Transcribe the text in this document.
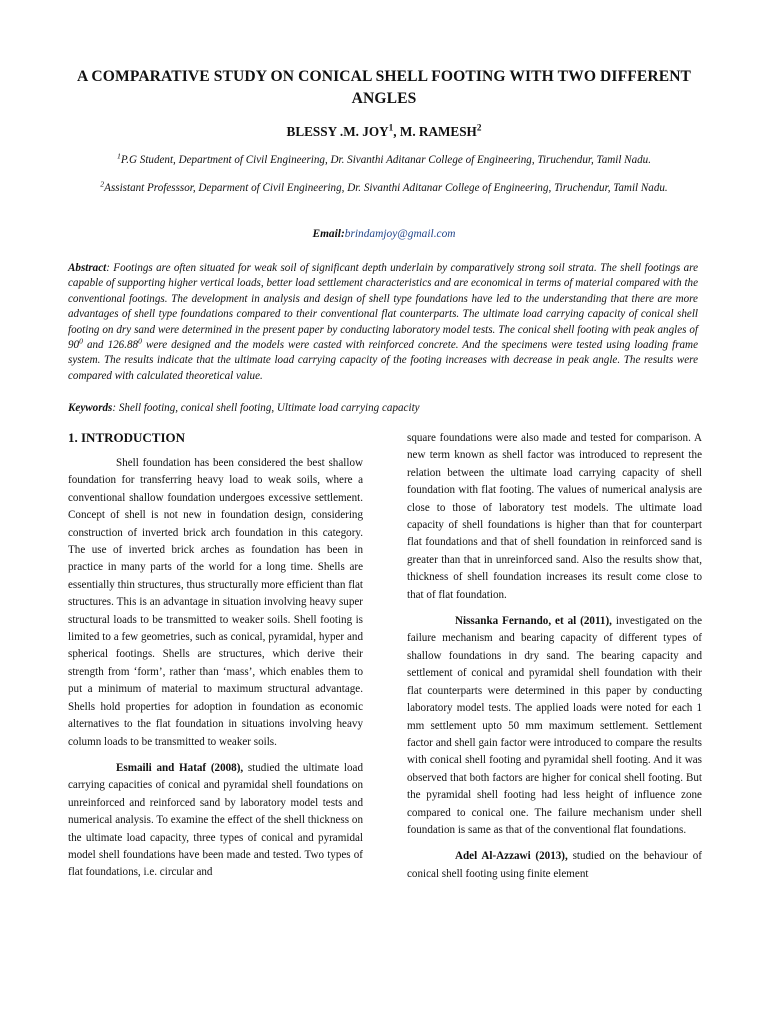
A COMPARATIVE STUDY ON CONICAL SHELL FOOTING WITH TWO DIFFERENT ANGLES
BLESSY .M. JOY$^1$, M. RAMESH$^2$
$^1$P.G Student, Department of Civil Engineering, Dr. Sivanthi Aditanar College of Engineering, Tiruchendur, Tamil Nadu.
$^2$Assistant Professsor, Deparment of Civil Engineering, Dr. Sivanthi Aditanar College of Engineering, Tiruchendur, Tamil Nadu.
Email:brindamjoy@gmail.com
Abstract: Footings are often situated for weak soil of significant depth underlain by comparatively strong soil strata. The shell footings are capable of supporting higher vertical loads, better load settlement characteristics and are economical in terms of material compared with the conventional footings. The development in analysis and design of shell type foundations have led to the understanding that there are more advantages of shell type foundations compared to their conventional flat counterparts. The ultimate load carrying capacity of conical shell footing on dry sand were determined in the present paper by conducting laboratory model tests. The conical shell footing with peak angles of $90^0$ and 126.88$^0$ were designed and the models were casted with reinforced concrete. And the specimens were tested using loading frame system. The results indicate that the ultimate load carrying capacity of the footing increases with decrease in peak angle. The results were compared with calculated theoretical value.
Keywords: Shell footing, conical shell footing, Ultimate load carrying capacity
1. INTRODUCTION

Shell foundation has been considered the best shallow foundation for transferring heavy load to weak soils, where a conventional shallow foundation undergoes excessive settlement. Concept of shell is not new in foundation design, considering construction of inverted brick arch foundation in this category. The use of inverted brick arches as foundation has been in practice in many parts of the world for a long time. Shells are essentially thin structures, thus structurally more efficient than flat structures. This is an advantage in situation involving heavy super structural loads to be transmitted to weaker soils. Shell footing is limited to a few geometries, such as conical, pyramidal, hyper and spherical footings. Shells are structures, which derive their strength from ‘form’, rather than ‘mass’, which enables them to put a minimum of material to maximum structural advantage. Shells hold properties for adoption in foundation as economic alternatives to the flat foundation in situations involving heavy column loads to be transmitted to weaker soils.

Esmaili and Hataf (2008), studied the ultimate load carrying capacities of conical and pyramidal shell foundations on unreinforced and reinforced sand by laboratory model tests and numerical analysis. To examine the effect of the shell thickness on the ultimate load capacity, three types of conical and pyramidal model shell foundations have been made and tested. Two types of flat foundations, i.e. circular and

square foundations were also made and tested for comparison. A new term known as shell factor was introduced to represent the relation between the ultimate load carrying capacity of shell foundation with flat footing. The values of numerical analysis are close to those of laboratory test models. The ultimate load capacity of shell foundations is higher than that for counterpart flat foundations and that of shell foundation in reinforced sand is greater than that in unreinforced sand. Also the results show that, thickness of shell foundation increases its result come close to that of flat foundation.

Nissanka Fernando, et al (2011), investigated on the failure mechanism and bearing capacity of different types of shallow foundations in dry sand. The bearing capacity and settlement of conical and pyramidal shell foundation with their flat counterparts were determined in this paper by conducting laboratory model tests. The applied loads were noted for each 1 mm settlement upto 50 mm maximum settlement. Settlement factor and shell gain factor were introduced to compare the results with conical shell footing and pyramidal shell footing. And it was observed that both factors are higher for conical shell footing. But the pyramidal shell footing had less height of influence zone compared to conical one. The failure mechanism under shell foundation is same as that of the conventional flat foundations.

Adel Al-Azzawi (2013), studied on the behaviour of conical shell footing using finite element
